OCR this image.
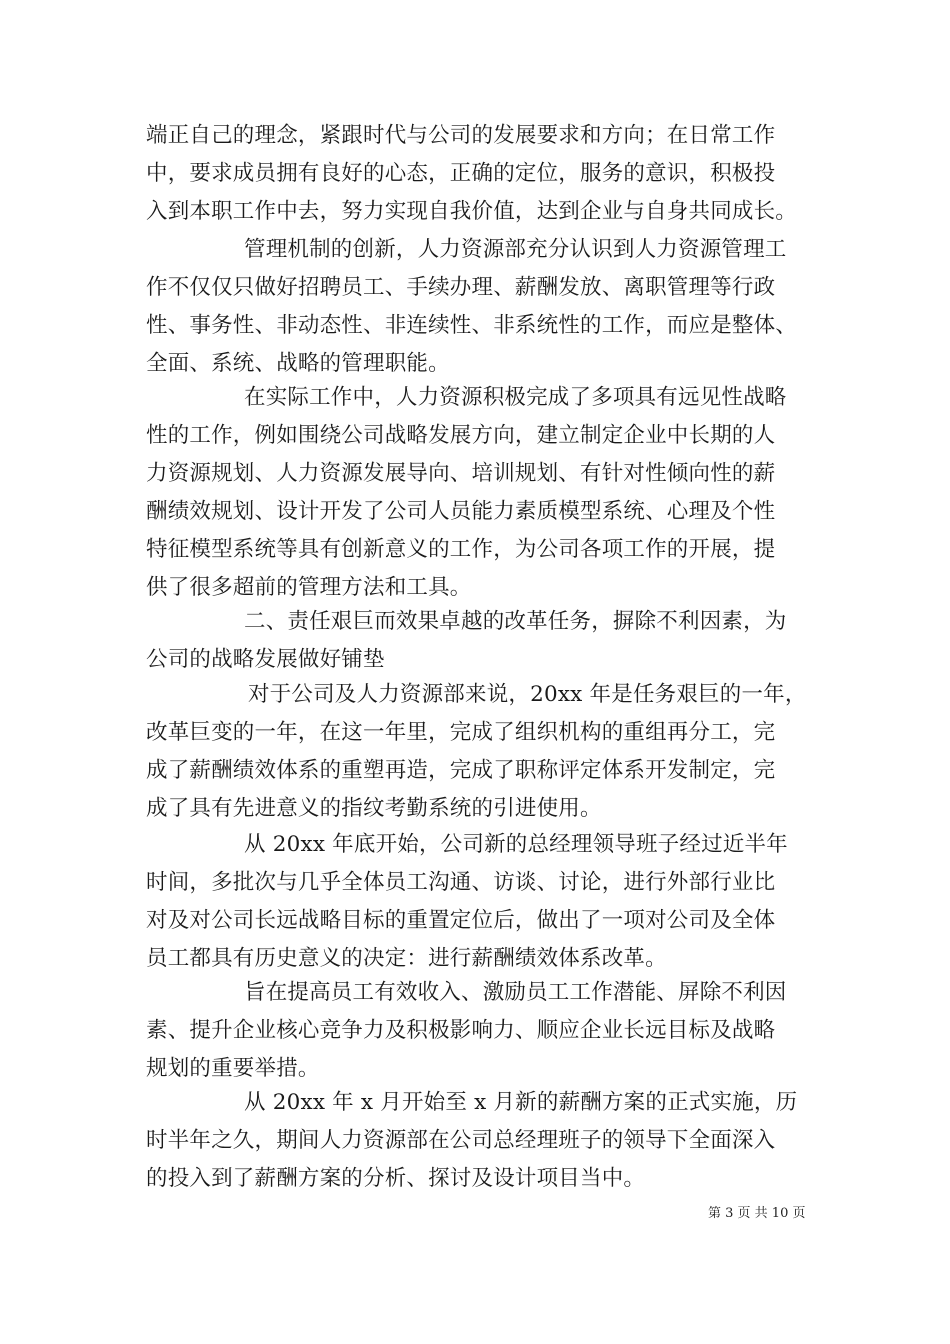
端正自己的理念，紧跟时代与公司的发展要求和方向；在日常工作
中，要求成员拥有良好的心态，正确的定位，服务的意识，积极投
入到本职工作中去，努力实现自我价值，达到企业与自身共同成长。
管理机制的创新，人力资源部充分认识到人力资源管理工
作不仅仅只做好招聘员工、手续办理、薪酬发放、离职管理等行政
性、事务性、非动态性、非连续性、非系统性的工作，而应是整体、
全面、系统、战略的管理职能。
在实际工作中，人力资源积极完成了多项具有远见性战略
性的工作，例如围绕公司战略发展方向，建立制定企业中长期的人
力资源规划、人力资源发展导向、培训规划、有针对性倾向性的薪
酬绩效规划、设计开发了公司人员能力素质模型系统、心理及个性
特征模型系统等具有创新意义的工作，为公司各项工作的开展，提
供了很多超前的管理方法和工具。
二、责任艰巨而效果卓越的改革任务，摒除不利因素，为
公司的战略发展做好铺垫
对于公司及人力资源部来说，20xx 年是任务艰巨的一年，
改革巨变的一年，在这一年里，完成了组织机构的重组再分工，完
成了薪酬绩效体系的重塑再造，完成了职称评定体系开发制定，完
成了具有先进意义的指纹考勤系统的引进使用。
从 20xx 年底开始，公司新的总经理领导班子经过近半年
时间，多批次与几乎全体员工沟通、访谈、讨论，进行外部行业比
对及对公司长远战略目标的重置定位后，做出了一项对公司及全体
员工都具有历史意义的决定：进行薪酬绩效体系改革。
旨在提高员工有效收入、激励员工工作潜能、屏除不利因
素、提升企业核心竞争力及积极影响力、顺应企业长远目标及战略
规划的重要举措。
从 20xx 年 x 月开始至 x 月新的薪酬方案的正式实施，历
时半年之久，期间人力资源部在公司总经理班子的领导下全面深入
的投入到了薪酬方案的分析、探讨及设计项目当中。
第 3 页 共 10 页
